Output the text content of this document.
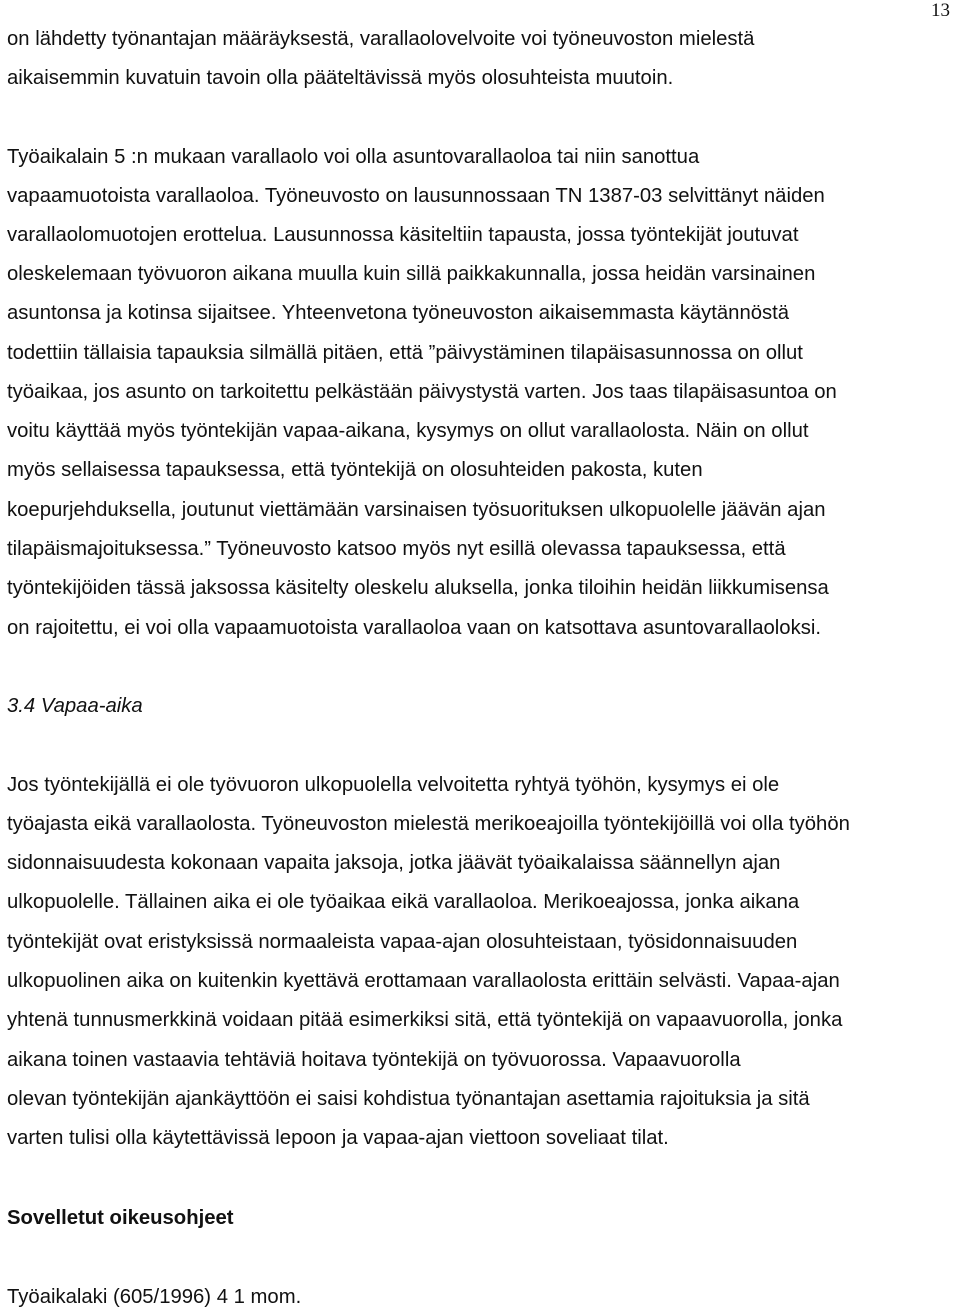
13
on lähdetty työnantajan määräyksestä, varallaolovelvoite voi työneuvoston mielestä
aikaisemmin kuvatuin tavoin olla pääteltävissä myös olosuhteista muutoin.
Työaikalain 5 :n mukaan varallaolo voi olla asuntovarallaoloa tai niin sanottua
vapaamuotoista varallaoloa. Työneuvosto on lausunnossaan TN 1387-03 selvittänyt näiden
varallaolomuotojen erottelua. Lausunnossa käsiteltiin tapausta, jossa työntekijät joutuvat
oleskelemaan työvuoron aikana muulla kuin sillä paikkakunnalla, jossa heidän varsinainen
asuntonsa ja kotinsa sijaitsee. Yhteenvetona työneuvoston aikaisemmasta käytännöstä
todettiin tällaisia tapauksia silmällä pitäen, että ”päivystäminen tilapäisasunnossa on ollut
työaikaa, jos asunto on tarkoitettu pelkästään päivystystä varten. Jos taas tilapäisasuntoa on
voitu käyttää myös työntekijän vapaa-aikana, kysymys on ollut varallaolosta. Näin on ollut
myös sellaisessa tapauksessa, että työntekijä on olosuhteiden pakosta, kuten
koepurjehduksella, joutunut viettämään varsinaisen työsuorituksen ulkopuolelle jäävän ajan
tilapäismajoituksessa.” Työneuvosto katsoo myös nyt esillä olevassa tapauksessa, että
työntekijöiden tässä jaksossa käsitelty oleskelu aluksella, jonka tiloihin heidän liikkumisensa
on rajoitettu, ei voi olla vapaamuotoista varallaoloa vaan on katsottava asuntovarallaoloksi.
3.4 Vapaa-aika
Jos työntekijällä ei ole työvuoron ulkopuolella velvoitetta ryhtyä työhön, kysymys ei ole
työajasta eikä varallaolosta. Työneuvoston mielestä merikoeajoilla työntekijöillä voi olla työhön
sidonnaisuudesta kokonaan vapaita jaksoja, jotka jäävät työaikalaissa säännellyn ajan
ulkopuolelle. Tällainen aika ei ole työaikaa eikä varallaoloa. Merikoeajossa, jonka aikana
työntekijät ovat eristyksissä normaaleista vapaa-ajan olosuhteistaan, työsidonnaisuuden
ulkopuolinen aika on kuitenkin kyettävä erottamaan varallaolosta erittäin selvästi. Vapaa-ajan
yhtenä tunnusmerkkinä voidaan pitää esimerkiksi sitä, että työntekijä on vapaavuorolla, jonka
aikana toinen vastaavia tehtäviä hoitava työntekijä on työvuorossa. Vapaavuorolla
olevan työntekijän ajankäyttöön ei saisi kohdistua työnantajan asettamia rajoituksia ja sitä
varten tulisi olla käytettävissä lepoon ja vapaa-ajan viettoon soveliaat tilat.
Sovelletut oikeusohjeet
Työaikalaki (605/1996) 4 1 mom.
